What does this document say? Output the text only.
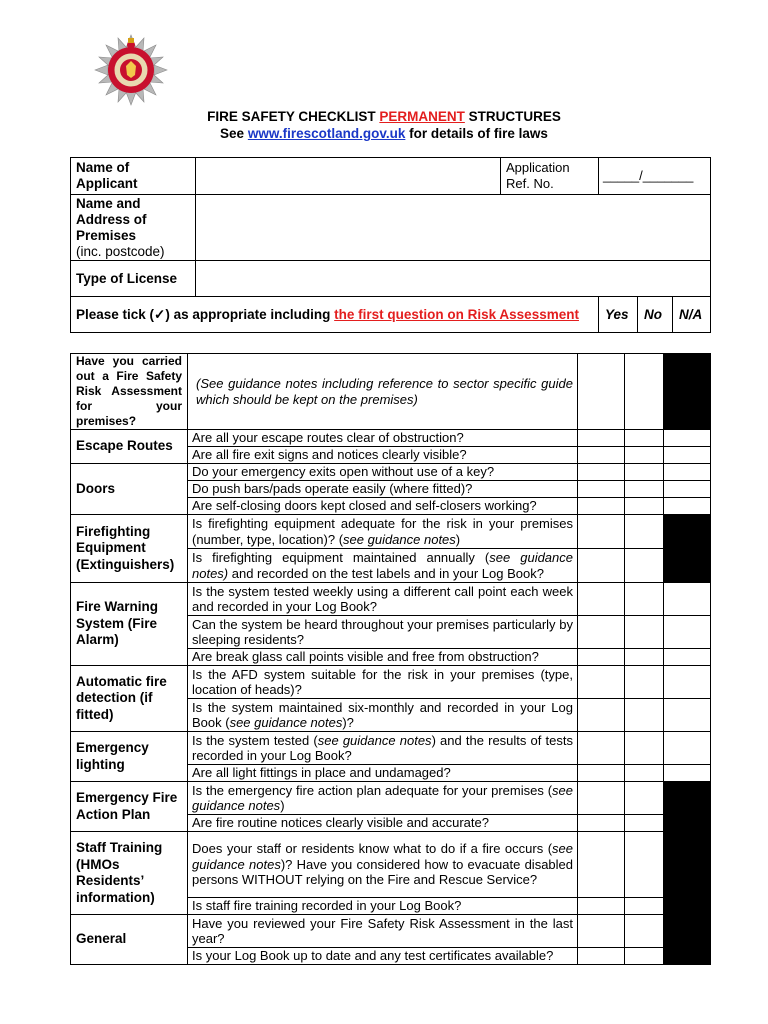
FIRE SAFETY CHECKLIST PERMANENT STRUCTURES
See www.firescotland.gov.uk for details of fire laws
Name of Applicant		Application Ref. No.	_____/_______		
Name and Address of Premises
(inc. postcode)					
Type of License					
Please tick (✓) as appropriate including the first question on Risk Assessment			Yes	No	N/A
Have you carried out a Fire Safety Risk Assessment for your premises?	(See guidance notes including reference to sector specific guide which should be kept on the premises)			
Escape Routes	Are all your escape routes clear of obstruction?			
	Are all fire exit signs and notices clearly visible?			
Doors	Do your emergency exits open without use of a key?			
	Do push bars/pads operate easily (where fitted)?			
	Are self-closing doors kept closed and self-closers working?			
Firefighting Equipment (Extinguishers)	Is firefighting equipment adequate for the risk in your premises (number, type, location)? (see guidance notes)			
	Is firefighting equipment maintained annually (see guidance notes) and recorded on the test labels and in your Log Book?			
Fire Warning System (Fire Alarm)	Is the system tested weekly using a different call point each week and recorded in your Log Book?			
	Can the system be heard throughout your premises particularly by sleeping residents?			
	Are break glass call points visible and free from obstruction?			
Automatic fire detection (if fitted)	Is the AFD system suitable for the risk in your premises (type, location of heads)?			
	Is the system maintained six-monthly and recorded in your Log Book (see guidance notes)?			
Emergency lighting	Is the system tested (see guidance notes) and the results of tests recorded in your Log Book?			
	Are all light fittings in place and undamaged?			
Emergency Fire Action Plan	Is the emergency fire action plan adequate for your premises (see guidance notes)			
	Are fire routine notices clearly visible and accurate?			
Staff Training (HMOs Residents’ information)	Does your staff or residents know what to do if a fire occurs (see guidance notes)? Have you considered how to evacuate disabled persons WITHOUT relying on the Fire and Rescue Service?			
	Is staff fire training recorded in your Log Book?			
General	Have you reviewed your Fire Safety Risk Assessment in the last year?			
	Is your Log Book up to date and any test certificates available?			
